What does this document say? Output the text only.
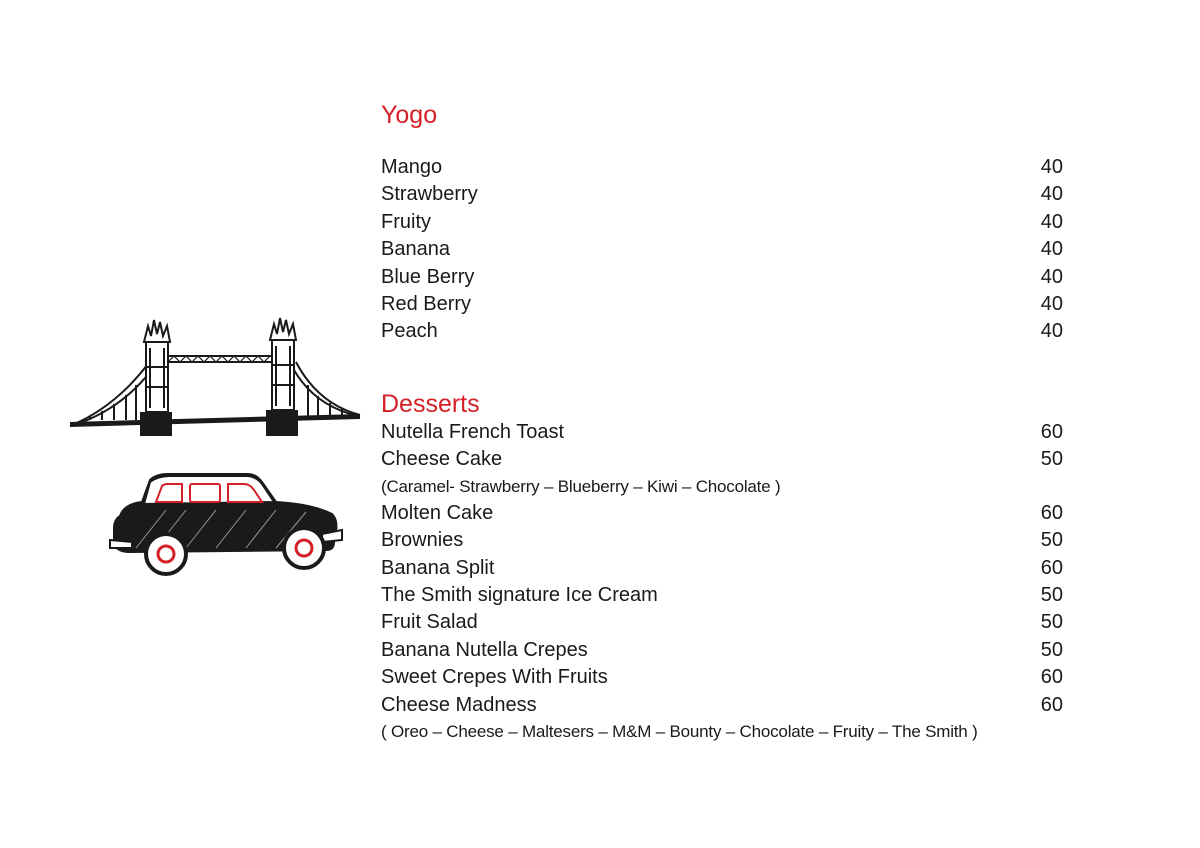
Yogo
Mango	40
Strawberry	40
Fruity	40
Banana	40
Blue Berry	40
Red Berry	40
Peach	40
Desserts
Nutella French Toast	60
Cheese Cake	50
(Caramel- Strawberry – Blueberry – Kiwi – Chocolate )
Molten Cake	60
Brownies	50
Banana Split	60
The Smith signature Ice Cream	50
Fruit Salad	50
Banana Nutella Crepes	50
Sweet Crepes With Fruits	60
Cheese Madness	60
( Oreo – Cheese – Maltesers – M&M – Bounty – Chocolate – Fruity – The Smith )
